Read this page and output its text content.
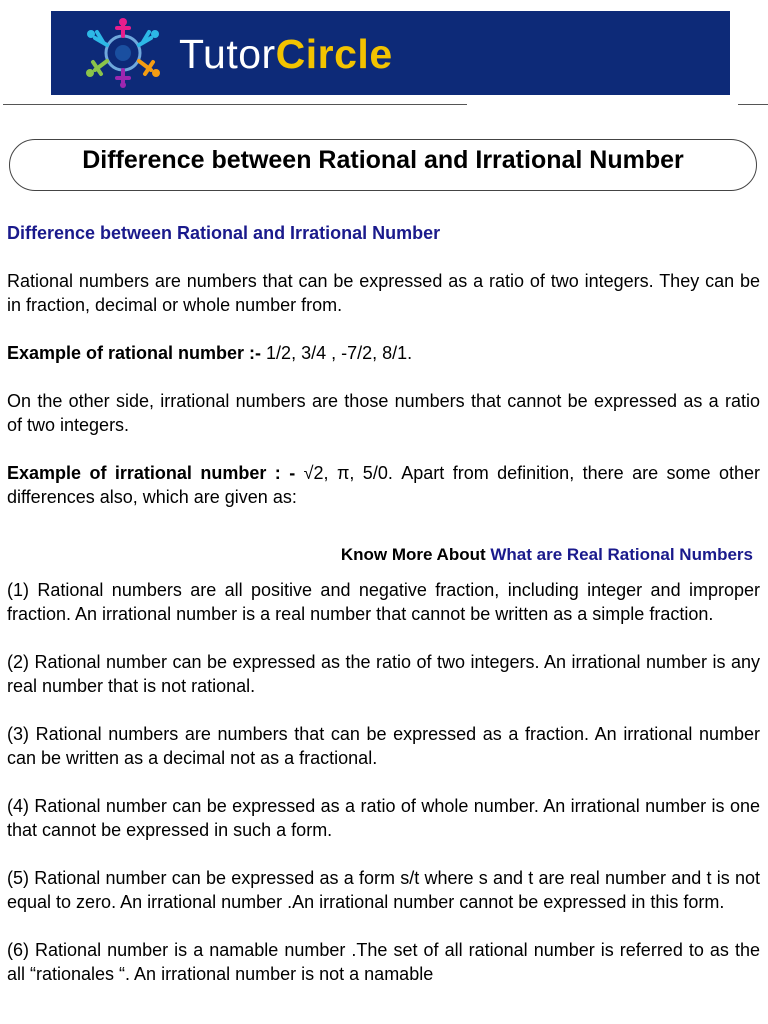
TutorCircle
Difference between Rational and Irrational Number

Difference between Rational and Irrational Number

Rational numbers are numbers that can be expressed as a ratio of two integers. They can be in fraction, decimal or whole number from.

Example of rational number :- 1/2, 3/4 , -7/2, 8/1.

On the other side, irrational numbers are those numbers that cannot be expressed as a ratio of two integers.

Example of irrational number : - √2, π, 5/0. Apart from definition, there are some other differences also, which are given as:

Know More About What are Real Rational Numbers

(1) Rational numbers are all positive and negative fraction, including integer and improper fraction. An irrational number is a real number that cannot be written as a simple fraction.

(2) Rational number can be expressed as the ratio of two integers. An irrational number is any real number that is not rational.

(3) Rational numbers are numbers that can be expressed as a fraction. An irrational number can be written as a decimal not as a fractional.

(4) Rational number can be expressed as a ratio of whole number. An irrational number is one that cannot be expressed in such a form.

(5) Rational number can be expressed as a form s/t where s and t are real number and t is not equal to zero. An irrational number .An irrational number cannot be expressed in this form.

(6) Rational number is a namable number .The set of all rational number is referred to as the all “rationales “. An irrational number is not a namable
